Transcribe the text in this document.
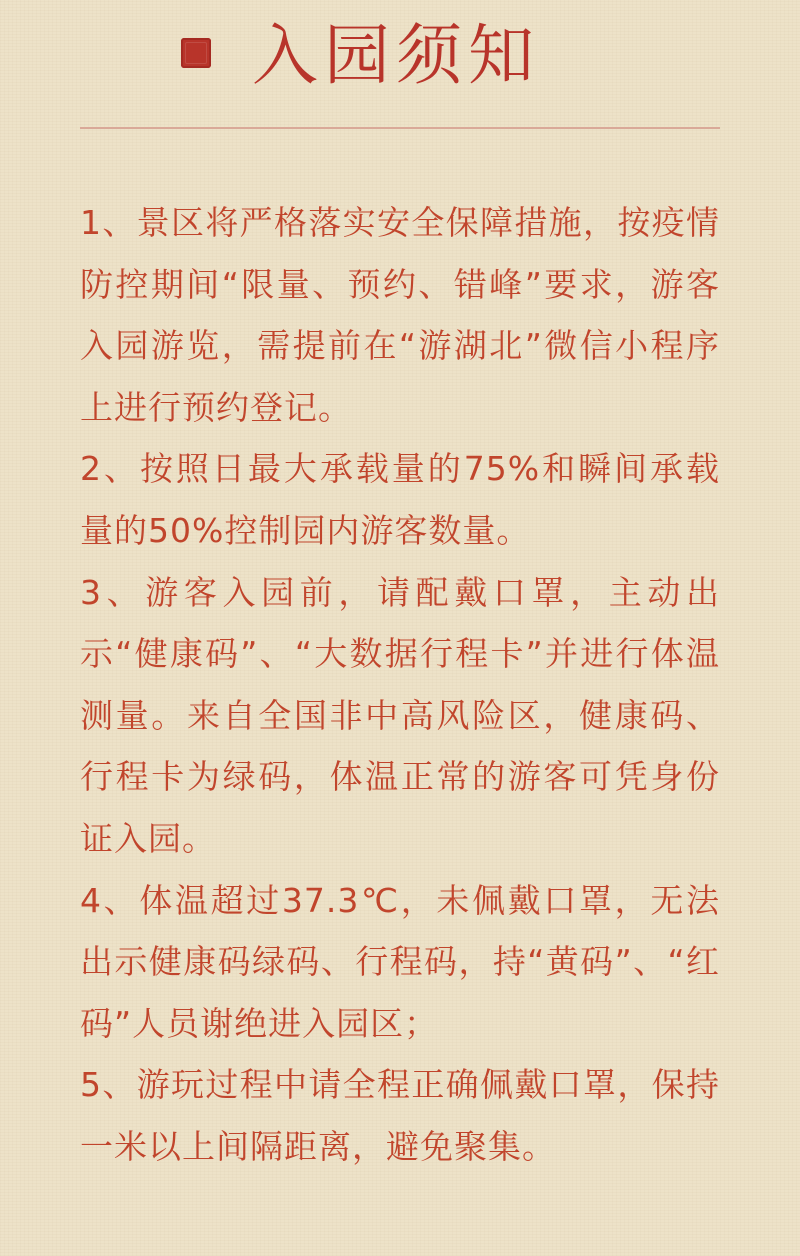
入园须知
1、景区将严格落实安全保障措施，按疫情防控期间“限量、预约、错峰”要求，游客入园游览，需提前在“游湖北”微信小程序上进行预约登记。
2、按照日最大承载量的75%和瞬间承载量的50%控制园内游客数量。
3、游客入园前，请配戴口罩，主动出示“健康码”、“大数据行程卡”并进行体温测量。来自全国非中高风险区，健康码、行程卡为绿码，体温正常的游客可凭身份证入园。
4、体温超过37.3℃，未佩戴口罩，无法出示健康码绿码、行程码，持“黄码”、“红码”人员谢绝进入园区；
5、游玩过程中请全程正确佩戴口罩，保持一米以上间隔距离，避免聚集。
